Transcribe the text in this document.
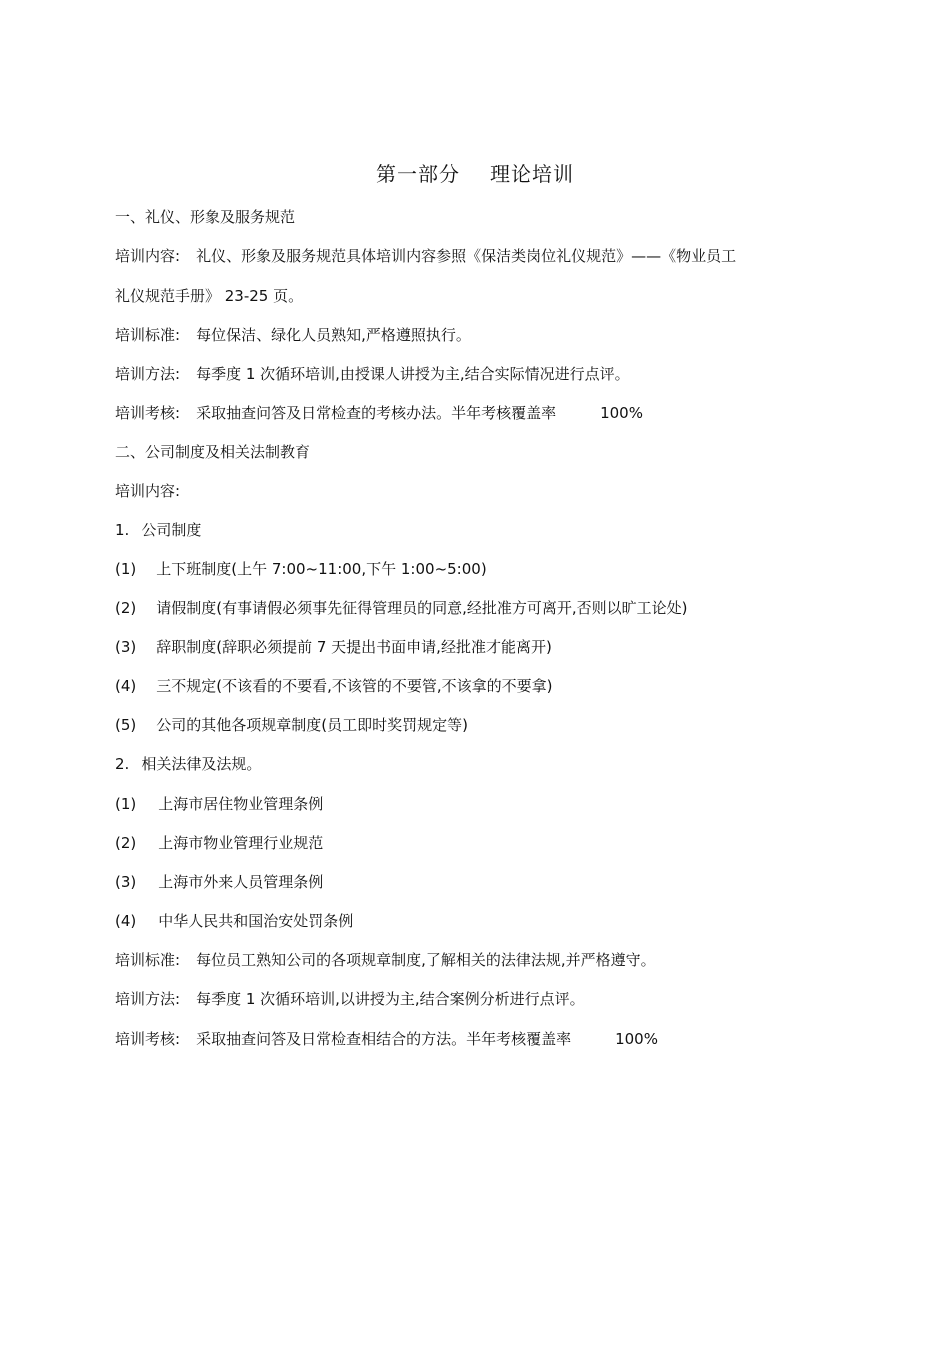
第一部分 理论培训
一、礼仪、形象及服务规范
培训内容: 礼仪、形象及服务规范具体培训内容参照《保洁类岗位礼仪规范》——《物业员工
礼仪规范手册》 23-25 页。
培训标准: 每位保洁、绿化人员熟知,严格遵照执行。
培训方法: 每季度 1 次循环培训,由授课人讲授为主,结合实际情况进行点评。
培训考核: 采取抽查问答及日常检查的考核办法。半年考核覆盖率	100%
二、公司制度及相关法制教育
培训内容:
1. 公司制度
(1) 上下班制度(上午 7:00~11:00,下午 1:00~5:00)
(2) 请假制度(有事请假必须事先征得管理员的同意,经批准方可离开,否则以旷工论处)
(3) 辞职制度(辞职必须提前 7 天提出书面申请,经批准才能离开)
(4) 三不规定(不该看的不要看,不该管的不要管,不该拿的不要拿)
(5) 公司的其他各项规章制度(员工即时奖罚规定等)
2. 相关法律及法规。
(1) 上海市居住物业管理条例
(2) 上海市物业管理行业规范
(3) 上海市外来人员管理条例
(4) 中华人民共和国治安处罚条例
培训标准: 每位员工熟知公司的各项规章制度,了解相关的法律法规,并严格遵守。
培训方法: 每季度 1 次循环培训,以讲授为主,结合案例分析进行点评。
培训考核: 采取抽查问答及日常检查相结合的方法。半年考核覆盖率	100%
